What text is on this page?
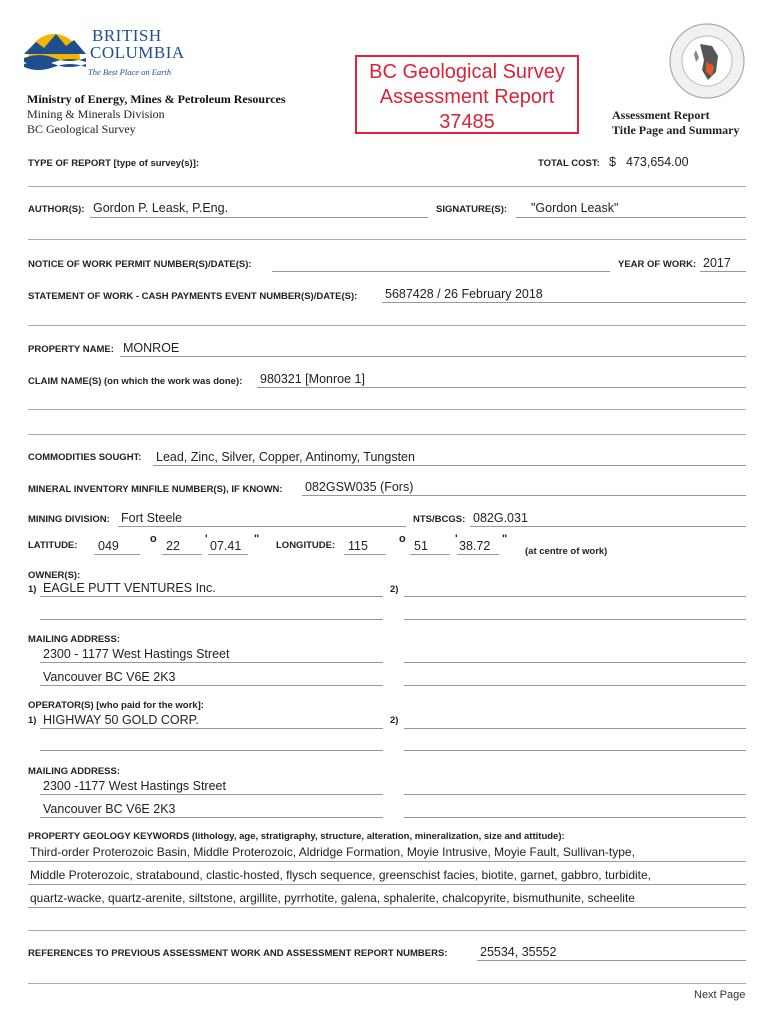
BRITISH
COLUMBIA
The Best Place on Earth
Ministry of Energy, Mines & Petroleum Resources
Mining & Minerals Division
BC Geological Survey
BC Geological Survey
Assessment Report
37485	Assessment Report
Title Page and Summary
TYPE OF REPORT [type of survey(s)]:	TOTAL COST: $ 473,654.00
AUTHOR(S): Gordon P. Leask, P.Eng.	SIGNATURE(S): "Gordon Leask"
NOTICE OF WORK PERMIT NUMBER(S)/DATE(S):	YEAR OF WORK: 2017
STATEMENT OF WORK - CASH PAYMENTS EVENT NUMBER(S)/DATE(S): 5687428 / 26 February 2018
PROPERTY NAME: MONROE
CLAIM NAME(S) (on which the work was done): 980321 [Monroe 1]
COMMODITIES SOUGHT: Lead, Zinc, Silver, Copper, Antinomy, Tungsten
MINERAL INVENTORY MINFILE NUMBER(S), IF KNOWN: 082GSW035 (Fors)
MINING DIVISION: Fort Steele	NTS/BCGS: 082G.031
LATITUDE: 049	o 22 ' 07.41 "
LONGITUDE: 115	o 51 ' 38.72 "
(at centre of work)
OWNER(S):
1) EAGLE PUTT VENTURES Inc.	2)
MAILING ADDRESS:
2300 - 1177 West Hastings Street
Vancouver BC V6E 2K3
OPERATOR(S) [who paid for the work]:
1) HIGHWAY 50 GOLD CORP.	2)
MAILING ADDRESS:
2300 -1177 West Hastings Street
Vancouver BC V6E 2K3
PROPERTY GEOLOGY KEYWORDS (lithology, age, stratigraphy, structure, alteration, mineralization, size and attitude):
Third-order Proterozoic Basin, Middle Proterozoic, Aldridge Formation, Moyie Intrusive, Moyie Fault, Sullivan-type,
Middle Proterozoic, stratabound, clastic-hosted, flysch sequence, greenschist facies, biotite, garnet, gabbro, turbidite,
quartz-wacke, quartz-arenite, siltstone, argillite, pyrrhotite, galena, sphalerite, chalcopyrite, bismuthunite, scheelite
REFERENCES TO PREVIOUS ASSESSMENT WORK AND ASSESSMENT REPORT NUMBERS:	25534, 35552
Next Page
